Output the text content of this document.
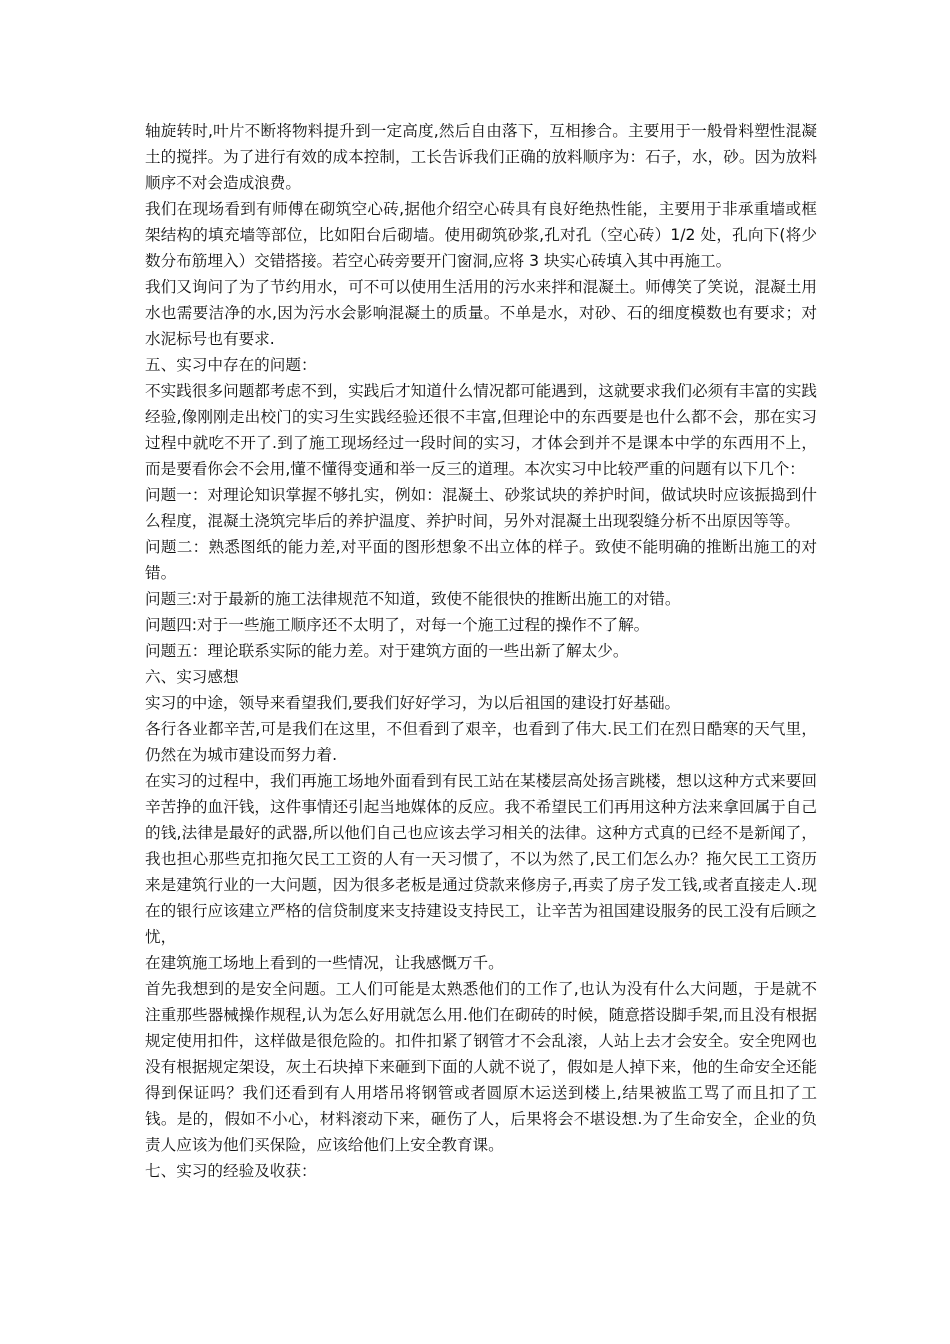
轴旋转时,叶片不断将物料提升到一定高度,然后自由落下，互相掺合。主要用于一般骨料塑性混凝土的搅拌。为了进行有效的成本控制，工长告诉我们正确的放料顺序为：石子，水，砂。因为放料顺序不对会造成浪费。

我们在现场看到有师傅在砌筑空心砖,据他介绍空心砖具有良好绝热性能，主要用于非承重墙或框架结构的填充墙等部位，比如阳台后砌墙。使用砌筑砂浆,孔对孔（空心砖）1/2 处，孔向下(将少数分布筋埋入）交错搭接。若空心砖旁要开门窗洞,应将 3 块实心砖填入其中再施工。

我们又询问了为了节约用水，可不可以使用生活用的污水来拌和混凝土。师傅笑了笑说，混凝土用水也需要洁净的水,因为污水会影响混凝土的质量。不单是水，对砂、石的细度模数也有要求；对水泥标号也有要求.

五、实习中存在的问题：

不实践很多问题都考虑不到，实践后才知道什么情况都可能遇到，这就要求我们必须有丰富的实践经验,像刚刚走出校门的实习生实践经验还很不丰富,但理论中的东西要是也什么都不会，那在实习过程中就吃不开了.到了施工现场经过一段时间的实习，才体会到并不是课本中学的东西用不上，而是要看你会不会用,懂不懂得变通和举一反三的道理。本次实习中比较严重的问题有以下几个：

问题一：对理论知识掌握不够扎实，例如：混凝土、砂浆试块的养护时间，做试块时应该振捣到什么程度，混凝土浇筑完毕后的养护温度、养护时间，另外对混凝土出现裂缝分析不出原因等等。

问题二：熟悉图纸的能力差,对平面的图形想象不出立体的样子。致使不能明确的推断出施工的对错。

问题三:对于最新的施工法律规范不知道，致使不能很快的推断出施工的对错。

问题四:对于一些施工顺序还不太明了，对每一个施工过程的操作不了解。

问题五：理论联系实际的能力差。对于建筑方面的一些出新了解太少。

六、实习感想

实习的中途，领导来看望我们,要我们好好学习，为以后祖国的建设打好基础。

各行各业都辛苦,可是我们在这里，不但看到了艰辛，也看到了伟大.民工们在烈日酷寒的天气里，仍然在为城市建设而努力着.

在实习的过程中，我们再施工场地外面看到有民工站在某楼层高处扬言跳楼，想以这种方式来要回辛苦挣的血汗钱，这件事情还引起当地媒体的反应。我不希望民工们再用这种方法来拿回属于自己的钱,法律是最好的武器,所以他们自己也应该去学习相关的法律。这种方式真的已经不是新闻了，我也担心那些克扣拖欠民工工资的人有一天习惯了，不以为然了,民工们怎么办？拖欠民工工资历来是建筑行业的一大问题，因为很多老板是通过贷款来修房子,再卖了房子发工钱,或者直接走人.现在的银行应该建立严格的信贷制度来支持建设支持民工，让辛苦为祖国建设服务的民工没有后顾之忧，

在建筑施工场地上看到的一些情况，让我感慨万千。

首先我想到的是安全问题。工人们可能是太熟悉他们的工作了,也认为没有什么大问题，于是就不注重那些器械操作规程,认为怎么好用就怎么用.他们在砌砖的时候，随意搭设脚手架,而且没有根据规定使用扣件，这样做是很危险的。扣件扣紧了钢管才不会乱滚，人站上去才会安全。安全兜网也没有根据规定架设，灰土石块掉下来砸到下面的人就不说了，假如是人掉下来，他的生命安全还能得到保证吗？我们还看到有人用塔吊将钢管或者圆原木运送到楼上,结果被监工骂了而且扣了工钱。是的，假如不小心，材料滚动下来，砸伤了人，后果将会不堪设想.为了生命安全，企业的负责人应该为他们买保险，应该给他们上安全教育课。

七、实习的经验及收获：
